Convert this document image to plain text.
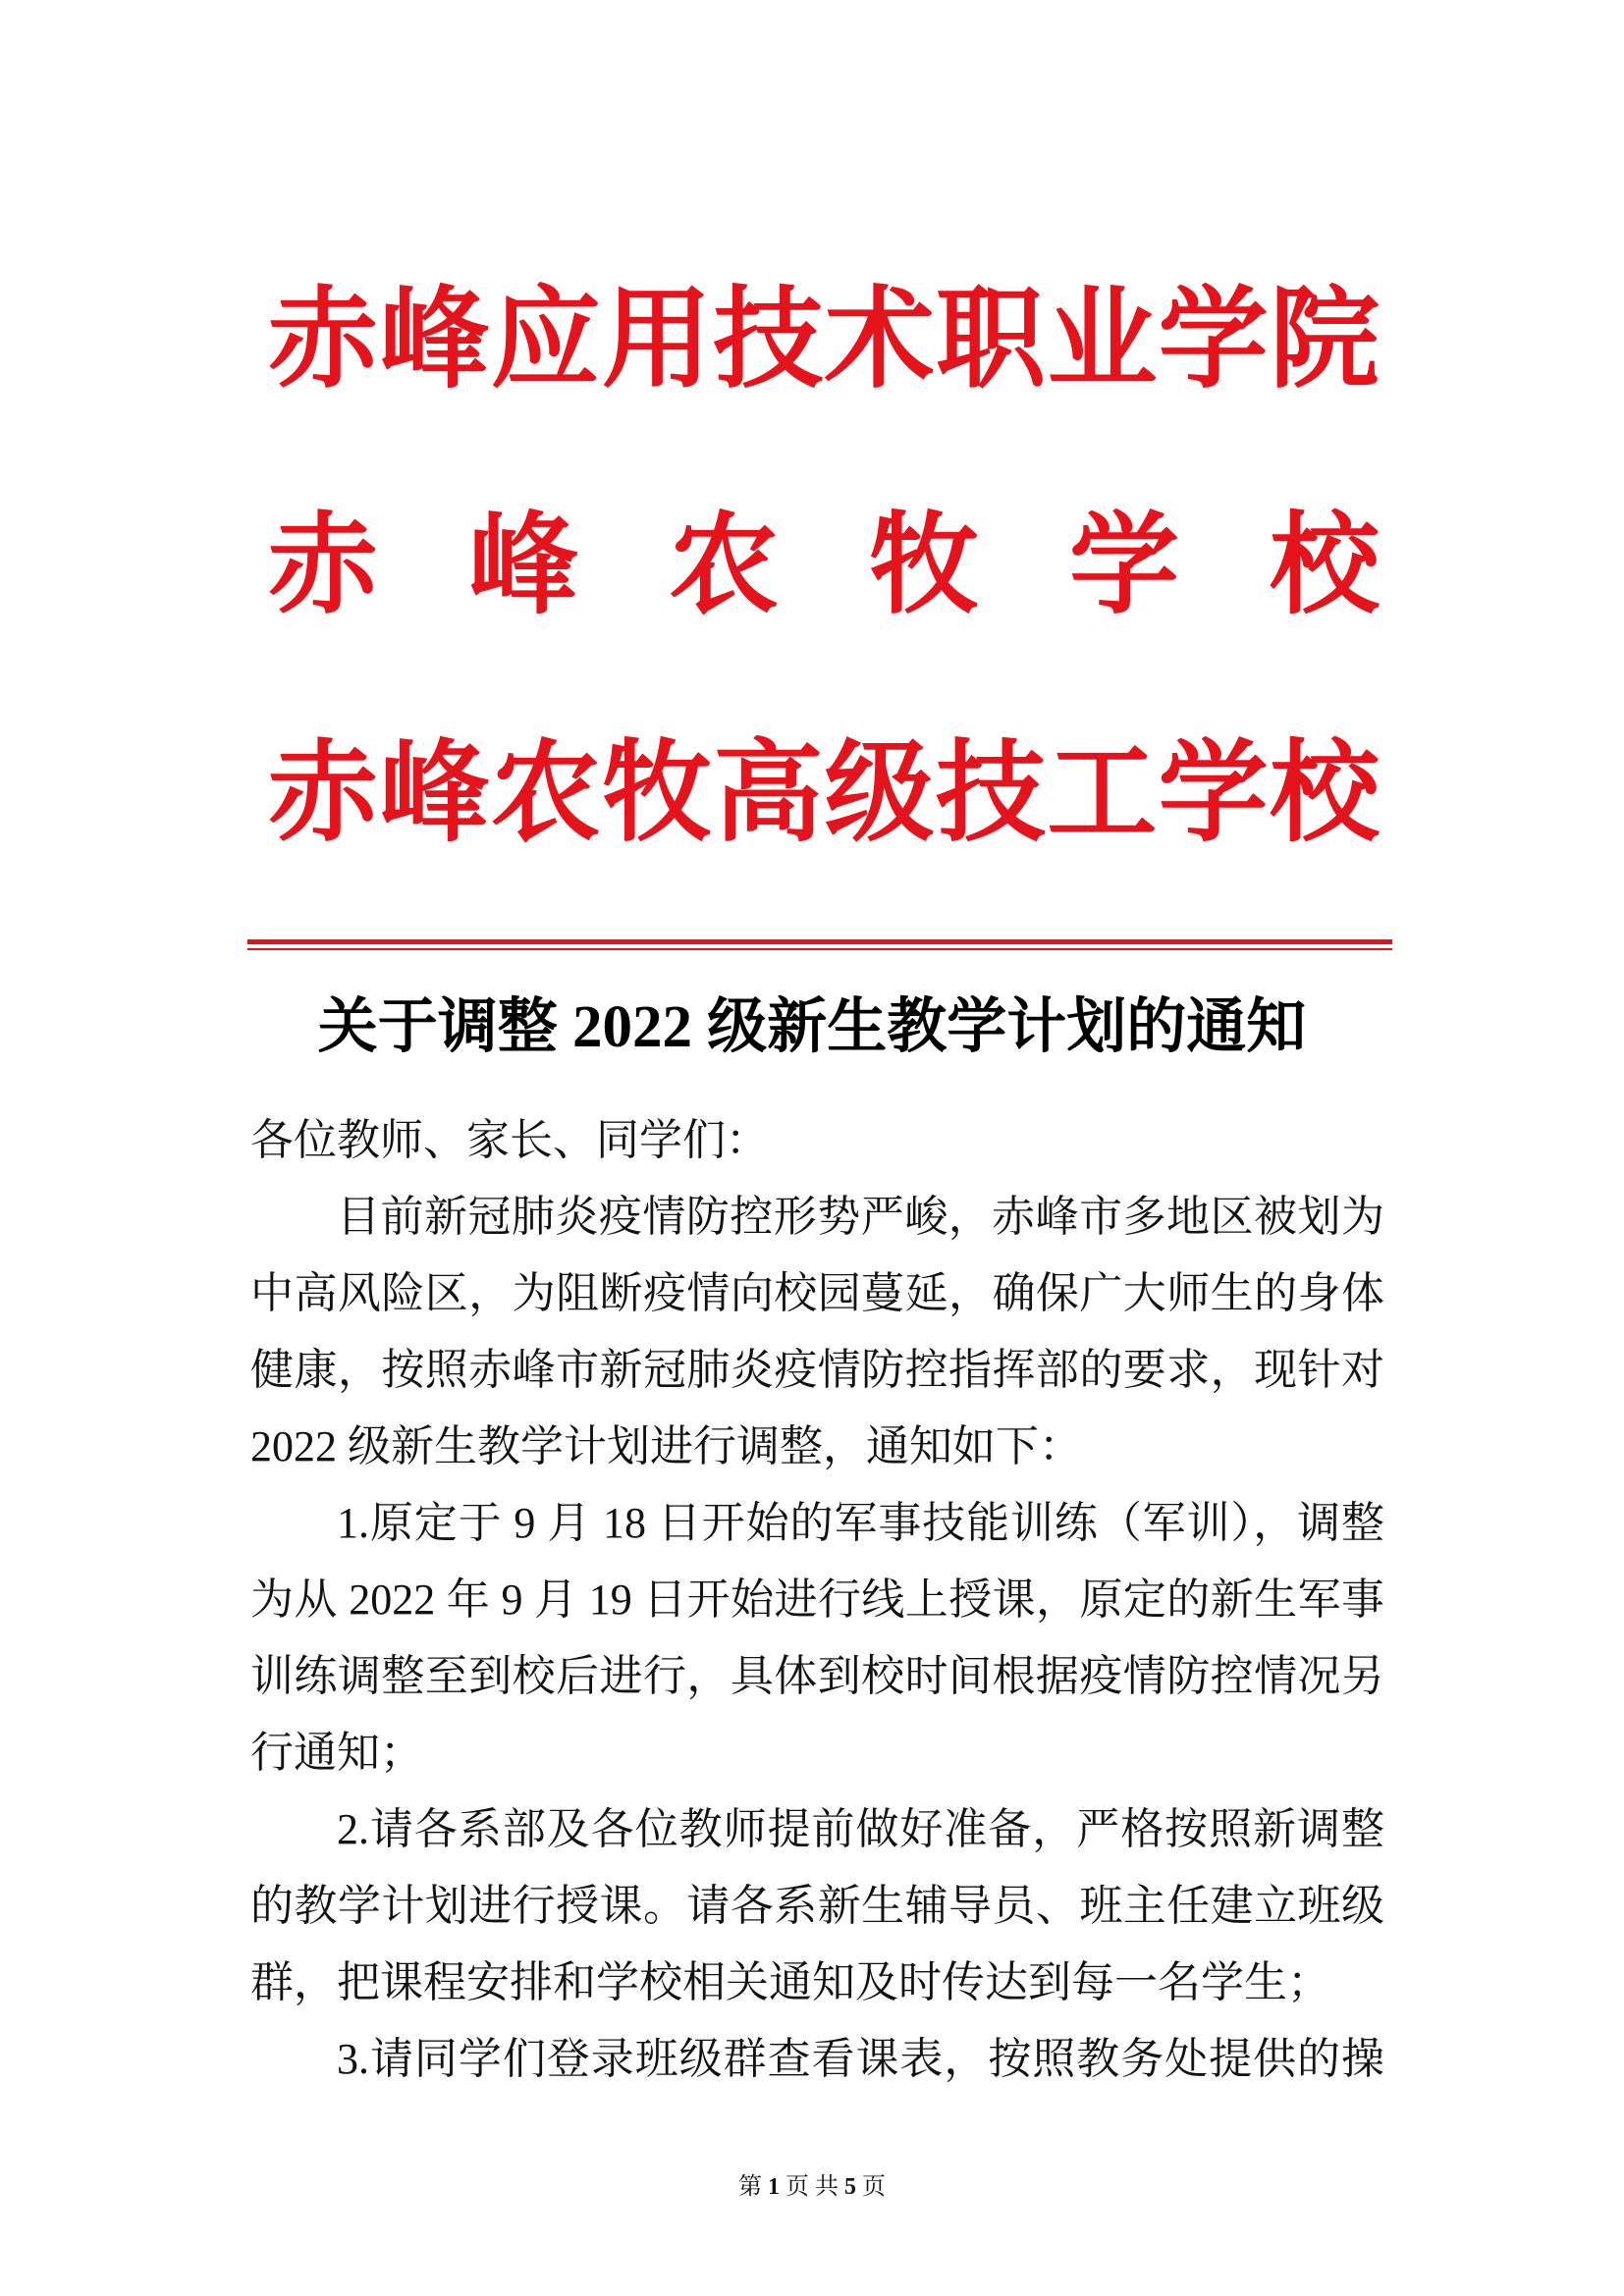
赤峰应用技术职业学院
赤峰农牧学校
赤峰农牧高级技工学校
关于调整 2022 级新生教学计划的通知
各位教师、家长、同学们：
目前新冠肺炎疫情防控形势严峻，赤峰市多地区被划为
中高风险区，为阻断疫情向校园蔓延，确保广大师生的身体
健康，按照赤峰市新冠肺炎疫情防控指挥部的要求，现针对
2022 级新生教学计划进行调整，通知如下：
1.原定于 9 月 18 日开始的军事技能训练（军训），调整
为从 2022 年 9 月 19 日开始进行线上授课，原定的新生军事
训练调整至到校后进行，具体到校时间根据疫情防控情况另
行通知；
2.请各系部及各位教师提前做好准备，严格按照新调整
的教学计划进行授课。请各系新生辅导员、班主任建立班级
群，把课程安排和学校相关通知及时传达到每一名学生；
3.请同学们登录班级群查看课表，按照教务处提供的操
第 1 页 共 5 页
